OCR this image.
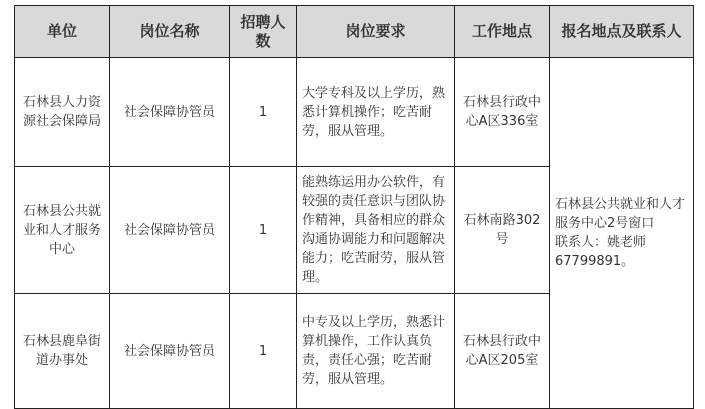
单位	岗位名称	招聘人数	岗位要求	工作地点	报名地点及联系人
石林县人力资源社会保障局	社会保障协管员	1	大学专科及以上学历，熟悉计算机操作；吃苦耐劳，服从管理。	石林县行政中心A区336室	石林县公共就业和人才服务中心2号窗口
联系人：姚老师
67799891。
石林县公共就业和人才服务中心	社会保障协管员	1	能熟练运用办公软件，有较强的责任意识与团队协作精神，具备相应的群众沟通协调能力和问题解决能力；吃苦耐劳，服从管理。	石林南路302号	
石林县鹿阜街道办事处	社会保障协管员	1	中专及以上学历，熟悉计算机操作，工作认真负责，责任心强；吃苦耐劳，服从管理。	石林县行政中心A区205室	
